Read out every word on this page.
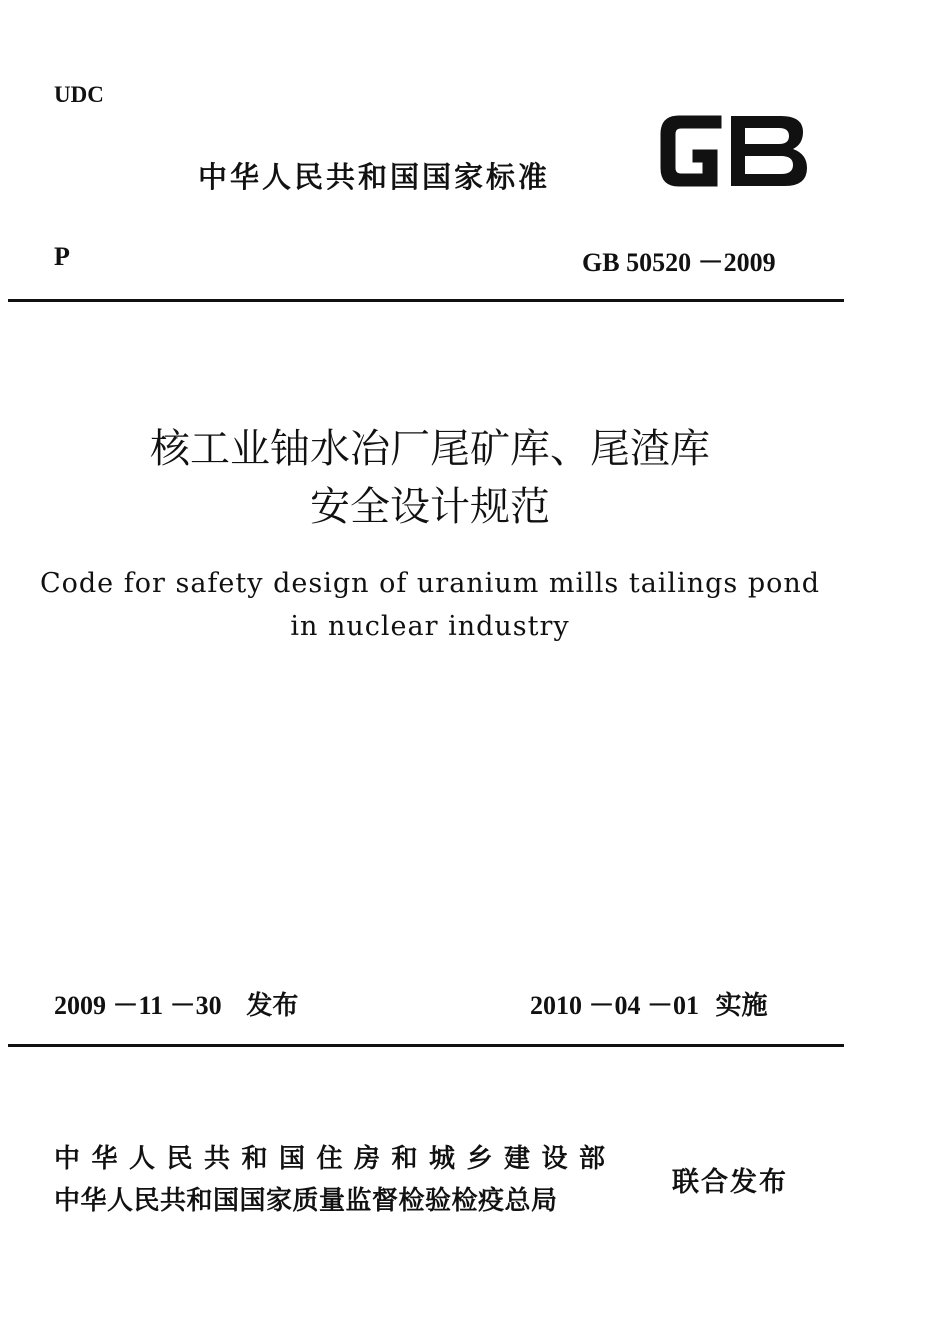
UDC
中华人民共和国国家标准
P	GB 50520 －2009
核工业铀水冶厂尾矿库、尾渣库
安全设计规范
Code for safety design of uranium mills tailings pond
in nuclear industry
2009 －11 －30 发布	2010 －04 －01 实施
中华人民共和国住房和城乡建设部
中华人民共和国国家质量监督检验检疫总局
联合发布
